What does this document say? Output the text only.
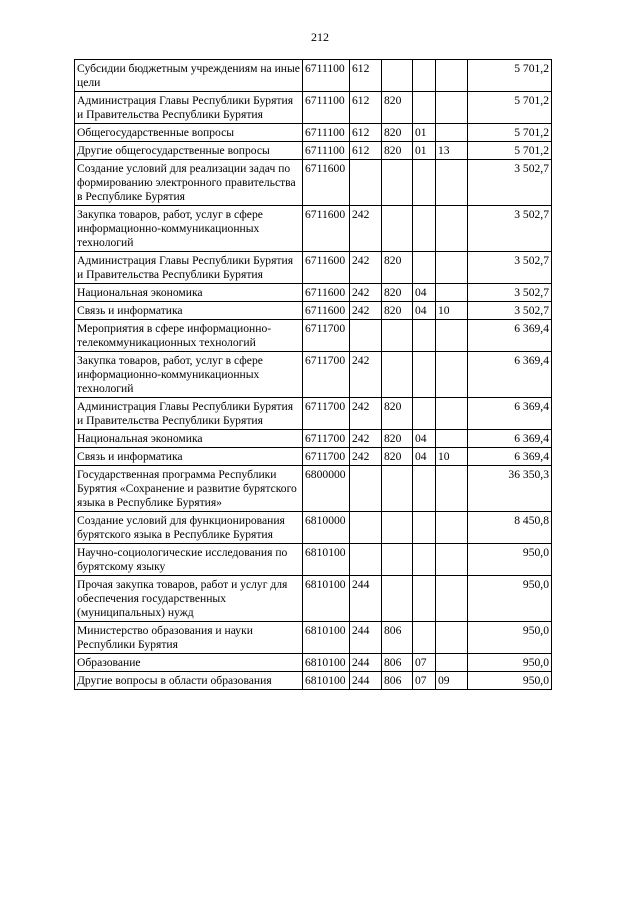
212
Субсидии бюджетным учреждениям на иные цели	6711100	612				5 701,2
Администрация Главы Республики Бурятия и Правительства Республики Бурятия	6711100	612	820			5 701,2
Общегосударственные вопросы	6711100	612	820	01		5 701,2
Другие общегосударственные вопросы	6711100	612	820	01	13	5 701,2
Создание условий для реализации задач по формированию электронного правительства в Республике Бурятия	6711600					3 502,7
Закупка товаров, работ, услуг в сфере информационно-коммуникационных технологий	6711600	242				3 502,7
Администрация Главы Республики Бурятия и Правительства Республики Бурятия	6711600	242	820			3 502,7
Национальная экономика	6711600	242	820	04		3 502,7
Связь и информатика	6711600	242	820	04	10	3 502,7
Мероприятия в сфере информационно-телекоммуникационных технологий	6711700					6 369,4
Закупка товаров, работ, услуг в сфере информационно-коммуникационных технологий	6711700	242				6 369,4
Администрация Главы Республики Бурятия и Правительства Республики Бурятия	6711700	242	820			6 369,4
Национальная экономика	6711700	242	820	04		6 369,4
Связь и информатика	6711700	242	820	04	10	6 369,4
Государственная программа Республики Бурятия «Сохранение и развитие бурятского языка в Республике Бурятия»	6800000					36 350,3
Создание условий для функционирования бурятского языка в Республике Бурятия	6810000					8 450,8
Научно-социологические исследования по бурятскому языку	6810100					950,0
Прочая закупка товаров, работ и услуг для обеспечения государственных (муниципальных) нужд	6810100	244				950,0
Министерство образования и науки Республики Бурятия	6810100	244	806			950,0
Образование	6810100	244	806	07		950,0
Другие вопросы в области образования	6810100	244	806	07	09	950,0
